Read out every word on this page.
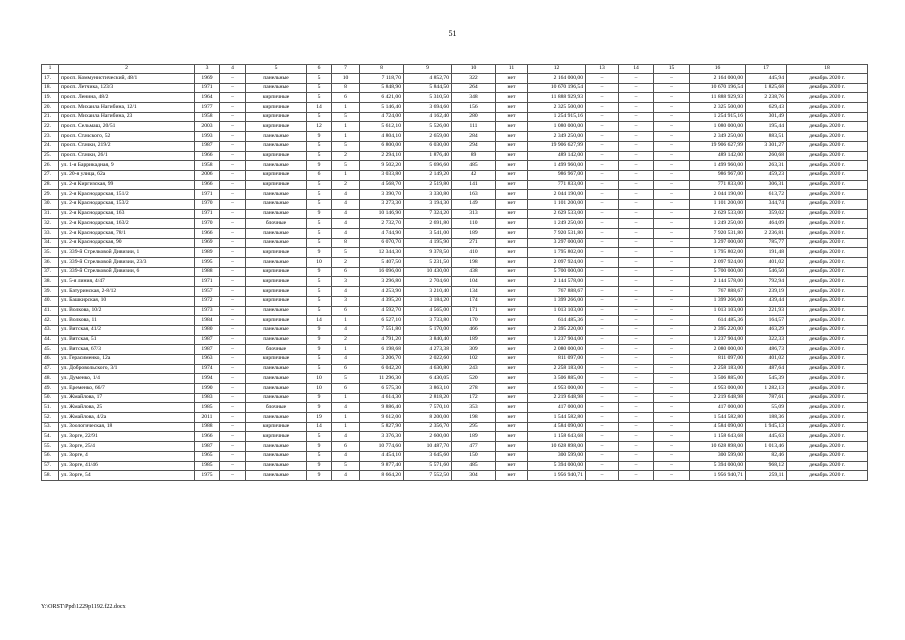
51
1	2	3	4	5	6	7	8	9	10	11	12	13	14	15	16	17	18
17.	просп. Коммунистический, 48/1	1969	–	панельные	5	10	7 118,70	4 852,70	322	нет	2 164 000,00	–	–	–	2 164 000,00	445,94	декабрь 2020 г.
18.	просп. Летчика, 123/3	1971	–	панельные	5	8	5 848,90	5 844,50	264	нет	10 670 196,54	–	–	–	10 670 196,54	1 825,68	декабрь 2020 г.
19.	просп. Ленина, 48/2	1964	–	кирпичные	5	6	6 421,00	5 310,50	348	нет	11 888 929,93	–	–	–	11 888 929,93	2 238,76	декабрь 2020 г.
20.	просп. Михаила Нагибина, 12/1	1977	–	кирпичные	14	1	5 146,40	3 694,60	156	нет	2 325 500,00	–	–	–	2 325 500,00	629,43	декабрь 2020 г.
21.	просп. Михаила Нагибина, 23	1958	–	кирпичные	5	5	4 724,00	4 162,40	280	нет	1 254 915,16	–	–	–	1 254 915,16	301,49	декабрь 2020 г.
22.	просп. Сельмаш, 20/51	2003	–	кирпичные	12	1	5 612,10	5 526,00	111	нет	1 080 000,00	–	–	–	1 080 000,00	195,44	декабрь 2020 г.
23.	просп. Стачского, 52	1993	–	панельные	9	1	4 804,10	2 659,00	284	нет	2 349 250,00	–	–	–	2 349 250,00	883,51	декабрь 2020 г.
24.	просп. Стачки, 219/2	1987	–	панельные	5	5	6 800,00	6 030,00	294	нет	19 906 627,99	–	–	–	19 906 627,99	3 301,27	декабрь 2020 г.
25.	просп. Стачки, 26/1	1966	–	кирпичные	5	2	2 294,10	1 876,40	89	нет	489 142,00	–	–	–	489 142,00	260,68	декабрь 2020 г.
26.	ул. 1-я Баррикадная, 9	1958	–	панельные	9	5	9 502,20	5 696,60	485	нет	1 499 960,00	–	–	–	1 499 960,00	263,31	декабрь 2020 г.
27.	ул. 20-я улица, 62а	2006	–	кирпичные	6	1	3 033,80	2 149,20	42	нет	986 967,00	–	–	–	986 967,00	459,23	декабрь 2020 г.
28.	ул. 2-я Киргизская, 99	1966	–	кирпичные	5	2	4 568,70	2 519,80	141	нет	771 833,00	–	–	–	771 833,00	306,31	декабрь 2020 г.
29.	ул. 2-я Краснодарская, 151/2	1971	–	панельные	5	4	3 390,70	3 330,80	163	нет	2 044 190,00	–	–	–	2 044 190,00	613,72	декабрь 2020 г.
30.	ул. 2-я Краснодарская, 153/2	1970	–	панельные	5	4	3 273,30	3 194,30	149	нет	1 101 200,00	–	–	–	1 101 200,00	344,74	декабрь 2020 г.
31.	ул. 2-я Краснодарская, 163	1971	–	панельные	9	4	10 146,90	7 324,20	313	нет	2 629 533,00	–	–	–	2 629 533,00	359,02	декабрь 2020 г.
32.	ул. 2-я Краснодарская, 163/2	1970	–	блочные	5	4	2 732,70	2 691,80	110	нет	1 249 250,00	–	–	–	1 249 250,00	464,09	декабрь 2020 г.
33.	ул. 2-я Краснодарская, 78/1	1966	–	панельные	5	4	4 744,90	3 541,00	189	нет	7 920 531,80	–	–	–	7 920 531,80	2 236,81	декабрь 2020 г.
34.	ул. 2-я Краснодарская, 90	1969	–	панельные	5	8	6 070,70	4 195,90	271	нет	3 297 000,00	–	–	–	3 297 000,00	785,77	декабрь 2020 г.
35.	ул. 339-й Стрелковой Дивизии, 1	1989	–	кирпичные	9	5	12 344,30	9 378,50	410	нет	1 795 802,00	–	–	–	1 795 802,00	191,48	декабрь 2020 г.
36.	ул. 339-й Стрелковой Дивизии, 23/3	1995	–	панельные	10	2	5 407,50	5 231,50	198	нет	2 097 924,00	–	–	–	2 097 924,00	401,02	декабрь 2020 г.
37.	ул. 339-й Стрелковой Дивизии, 6	1988	–	кирпичные	9	6	16 096,00	10 430,00	438	нет	5 700 000,00	–	–	–	5 700 000,00	546,50	декабрь 2020 г.
38.	ул. 5-я линия, 4/47	1971	–	кирпичные	5	3	3 296,80	2 704,60	104	нет	2 144 578,00	–	–	–	2 144 578,00	792,94	декабрь 2020 г.
39.	ул. Батуринская, 2-8/12	1957	–	кирпичные	5	4	4 253,90	3 210,40	134	нет	767 888,67	–	–	–	767 888,67	239,19	декабрь 2020 г.
40.	ул. Башкирская, 10	1972	–	кирпичные	5	3	4 395,20	3 184,20	174	нет	1 399 266,00	–	–	–	1 399 266,00	439,44	декабрь 2020 г.
41.	ул. Волкова, 10/2	1973	–	панельные	5	6	4 592,70	4 565,00	171	нет	1 013 103,00	–	–	–	1 013 103,00	221,93	декабрь 2020 г.
42.	ул. Волкова, 11	1984	–	кирпичные	14	1	6 527,10	3 733,80	170	нет	614 485,36	–	–	–	614 485,36	164,57	декабрь 2020 г.
43.	ул. Вятская, 41/2	1980	–	панельные	9	4	7 551,80	5 170,00	466	нет	2 395 220,00	–	–	–	2 395 220,00	463,29	декабрь 2020 г.
44.	ул. Вятская, 51	1987	–	панельные	9	2	4 791,20	3 840,40	189	нет	1 237 904,00	–	–	–	1 237 904,00	322,33	декабрь 2020 г.
45.	ул. Вятская, 67/3	1987	–	блочные	9	1	6 198,68	4 273,38	309	нет	2 080 000,00	–	–	–	2 080 000,00	486,73	декабрь 2020 г.
46.	ул. Герасименко, 12а	1963	–	кирпичные	5	4	3 206,70	2 022,60	102	нет	811 097,00	–	–	–	811 097,00	401,02	декабрь 2020 г.
47.	ул. Добровольского, 3/1	1974	–	панельные	5	6	6 042,20	4 630,80	243	нет	2 258 183,00	–	–	–	2 258 183,00	487,64	декабрь 2020 г.
48.	ул. Думенко, 1/4	1994	–	панельные	10	5	11 296,30	6 430,05	520	нет	3 506 885,00	–	–	–	3 506 885,00	545,39	декабрь 2020 г.
49.	ул. Еременко, 66/7	1990	–	панельные	10	6	6 575,30	3 863,10	278	нет	4 953 000,00	–	–	–	4 953 000,00	1 282,13	декабрь 2020 г.
50.	ул. Жмайлова, 17	1983	–	панельные	9	1	4 614,30	2 818,20	172	нет	2 219 648,98	–	–	–	2 219 648,98	787,61	декабрь 2020 г.
51.	ул. Жмайлова, 25	1985	–	блочные	9	4	9 886,40	7 570,10	353	нет	417 000,00	–	–	–	417 000,00	55,09	декабрь 2020 г.
52.	ул. Жмайлова, 4/2а	2011	–	панельные	19	1	9 612,00	8 200,00	198	нет	1 544 582,80	–	–	–	1 544 582,80	188,36	декабрь 2020 г.
53.	ул. Зоологическая, 18	1988	–	кирпичные	14	1	5 827,90	2 356,70	295	нет	4 584 090,00	–	–	–	4 584 090,00	1 945,13	декабрь 2020 г.
54.	ул. Зорге, 22/91	1966	–	кирпичные	5	4	3 376,30	2 600,00	189	нет	1 158 643,68	–	–	–	1 158 643,68	445,63	декабрь 2020 г.
55.	ул. Зорге, 25/4	1987	–	панельные	9	6	10 774,60	10 487,70	477	нет	10 628 898,00	–	–	–	10 628 898,00	1 013,46	декабрь 2020 г.
56.	ул. Зорге, 4	1965	–	панельные	5	4	4 454,10	3 645,60	150	нет	300 599,00	–	–	–	300 599,00	82,46	декабрь 2020 г.
57.	ул. Зорге, 41/46	1985	–	панельные	9	5	9 877,40	5 571,60	485	нет	5 394 000,00	–	–	–	5 394 000,00	968,12	декабрь 2020 г.
58.	ул. Зорге, 54	1975	–	панельные	9	4	8 664,20	7 552,50	304	нет	1 956 940,71	–	–	–	1 956 940,71	259,11	декабрь 2020 г.
Y:\ORST\Ppd\1229p1192.f22.docx
